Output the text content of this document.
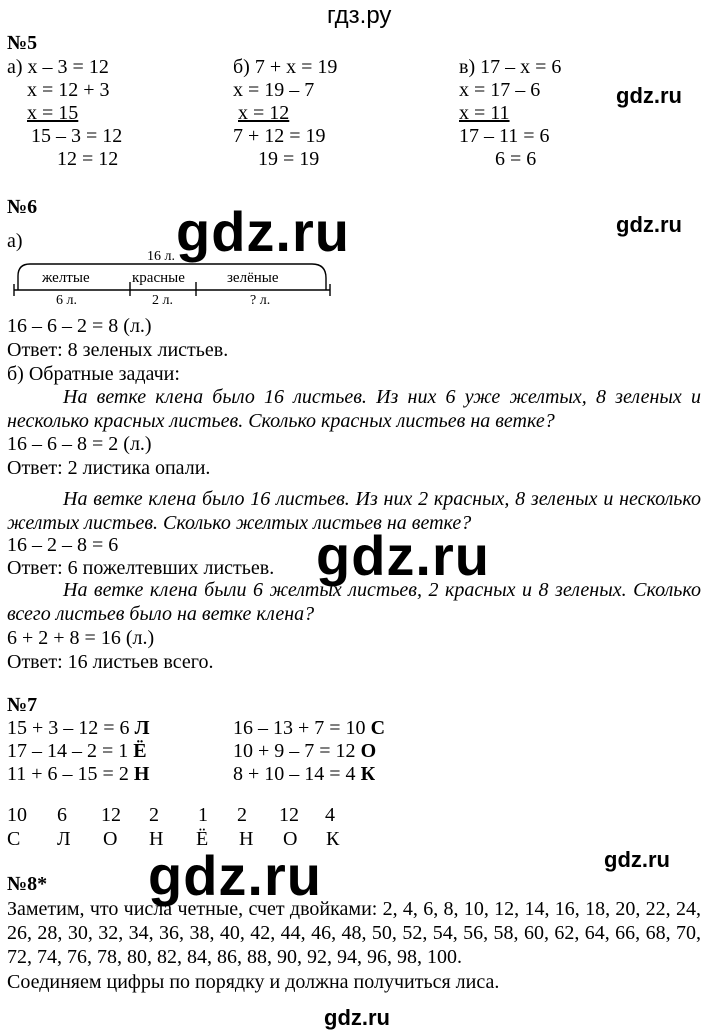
гдз.ру
gdz.ru
gdz.ru
gdz.ru
gdz.ru
gdz.ru	gdz.ru
gdz.ru
№5
а) x – 3 = 12
x = 12 + 3
x = 15
15 – 3 = 12
12 = 12
б) 7 + x = 19
x = 19 – 7
x = 12
7 + 12 = 19
19 = 19
в) 17 – x = 6
x = 17 – 6
x = 11
17 – 11 = 6
6 = 6
№6
а)
16 л.
желтые	красные	зелёные
6 л.	2 л.	? л.
16 – 6 – 2 = 8 (л.)
Ответ: 8 зеленых листьев.
б) Обратные задачи:
На ветке клена было 16 листьев. Из них 6 уже желтых, 8 зеленых и несколько красных листьев. Сколько красных листьев на ветке?
16 – 6 – 8 = 2 (л.)
Ответ: 2 листика опали.
На ветке клена было 16 листьев. Из них 2 красных, 8 зеленых и несколько желтых листьев. Сколько желтых листьев на ветке?
16 – 2 – 8 = 6
Ответ: 6 пожелтевших листьев.
На ветке клена были 6 желтых листьев, 2 красных и 8 зеленых. Сколько всего листьев было на ветке клена?
6 + 2 + 8 = 16 (л.)
Ответ: 16 листьев всего.
№7
15 + 3 – 12 = 6 Л
17 – 14 – 2 = 1 Ё
11 + 6 – 15 = 2 Н
16 – 13 + 7 = 10 С
10 + 9 – 7 = 12 О
8 + 10 – 14 = 4 К
10 6 12 2 1 2 12 4
С Л О Н Ё Н О К
№8*
Заметим, что числа четные, счет двойками: 2, 4, 6, 8, 10, 12, 14, 16, 18, 20, 22, 24, 26, 28, 30, 32, 34, 36, 38, 40, 42, 44, 46, 48, 50, 52, 54, 56, 58, 60, 62, 64, 66, 68, 70, 72, 74, 76, 78, 80, 82, 84, 86, 88, 90, 92, 94, 96, 98, 100.
Соединяем цифры по порядку и должна получиться лиса.
